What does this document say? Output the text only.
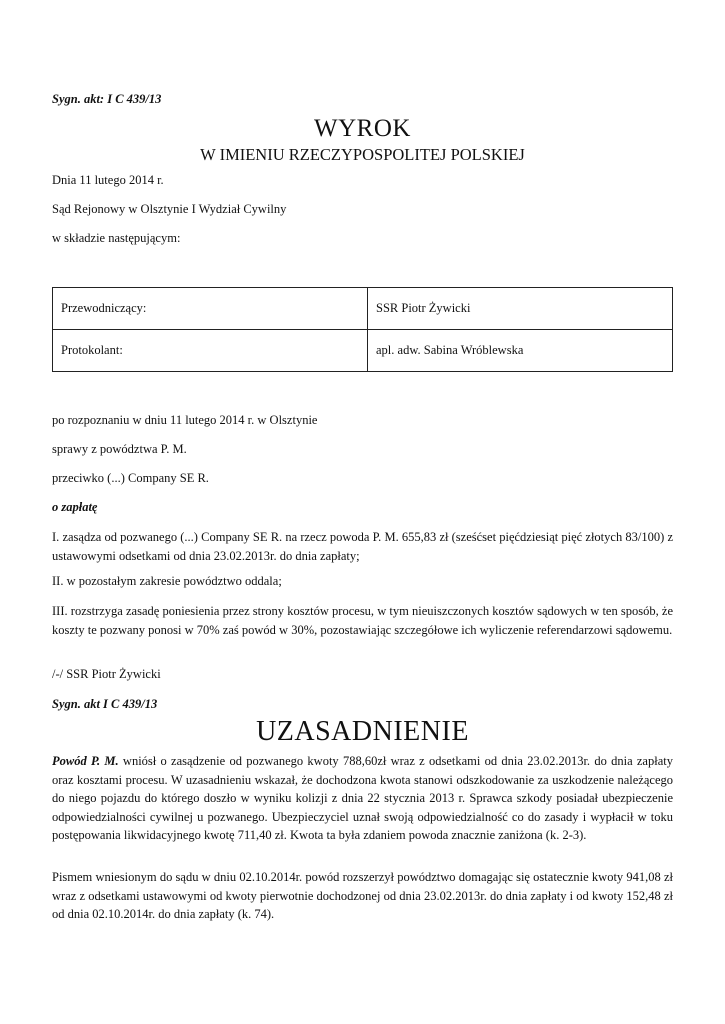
Sygn. akt: I C 439/13
WYROK
W IMIENIU RZECZYPOSPOLITEJ POLSKIEJ
Dnia 11 lutego 2014 r.
Sąd Rejonowy w Olsztynie I Wydział Cywilny
w składzie następującym:
Przewodniczący:	SSR Piotr Żywicki
Protokolant:	apl. adw. Sabina Wróblewska
po rozpoznaniu w dniu 11 lutego 2014 r. w Olsztynie
sprawy z powództwa P. M.
przeciwko (...) Company SE R.
o zapłatę
I. zasądza od pozwanego (...) Company SE R. na rzecz powoda P. M. 655,83 zł (sześćset pięćdziesiąt pięć złotych 83/100) z ustawowymi odsetkami od dnia 23.02.2013r. do dnia zapłaty;
II. w pozostałym zakresie powództwo oddala;
III. rozstrzyga zasadę poniesienia przez strony kosztów procesu, w tym nieuiszczonych kosztów sądowych w ten sposób, że koszty te pozwany ponosi w 70% zaś powód w 30%, pozostawiając szczegółowe ich wyliczenie referendarzowi sądowemu.
/-/ SSR Piotr Żywicki
Sygn. akt I C 439/13
UZASADNIENIE
Powód P. M. wniósł o zasądzenie od pozwanego kwoty 788,60zł wraz z odsetkami od dnia 23.02.2013r. do dnia zapłaty oraz kosztami procesu. W uzasadnieniu wskazał, że dochodzona kwota stanowi odszkodowanie za uszkodzenie należącego do niego pojazdu do którego doszło w wyniku kolizji z dnia 22 stycznia 2013 r. Sprawca szkody posiadał ubezpieczenie odpowiedzialności cywilnej u pozwanego. Ubezpieczyciel uznał swoją odpowiedzialność co do zasady i wypłacił w toku postępowania likwidacyjnego kwotę 711,40 zł. Kwota ta była zdaniem powoda znacznie zaniżona (k. 2-3).
Pismem wniesionym do sądu w dniu 02.10.2014r. powód rozszerzył powództwo domagając się ostatecznie kwoty 941,08 zł wraz z odsetkami ustawowymi od kwoty pierwotnie dochodzonej od dnia 23.02.2013r. do dnia zapłaty i od kwoty 152,48 zł od dnia 02.10.2014r. do dnia zapłaty (k. 74).
